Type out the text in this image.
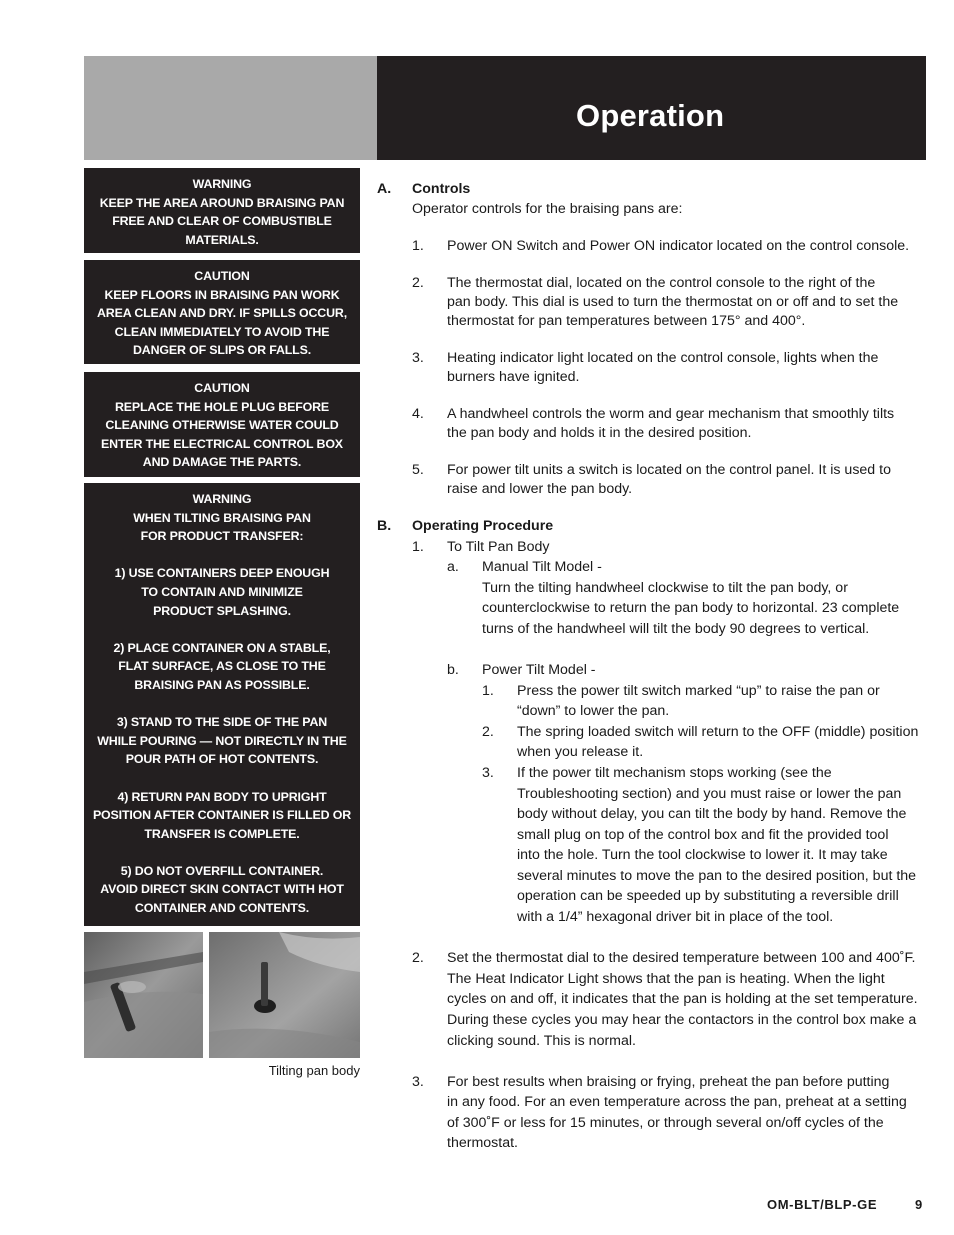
Operation
WARNING
KEEP THE AREA AROUND BRAISING PAN
FREE AND CLEAR OF COMBUSTIBLE
MATERIALS.
CAUTION
KEEP FLOORS IN BRAISING PAN WORK
AREA CLEAN AND DRY. IF SPILLS OCCUR,
CLEAN IMMEDIATELY TO AVOID THE
DANGER OF SLIPS OR FALLS.
CAUTION
REPLACE THE HOLE PLUG BEFORE
CLEANING OTHERWISE WATER COULD
ENTER THE ELECTRICAL CONTROL BOX
AND DAMAGE THE PARTS.
WARNING
WHEN TILTING BRAISING PAN
FOR PRODUCT TRANSFER:

1) USE CONTAINERS DEEP ENOUGH
TO CONTAIN AND MINIMIZE
PRODUCT SPLASHING.

2) PLACE CONTAINER ON A STABLE,
FLAT SURFACE, AS CLOSE TO THE
BRAISING PAN AS POSSIBLE.

3) STAND TO THE SIDE OF THE PAN
WHILE POURING — NOT DIRECTLY IN THE
POUR PATH OF HOT CONTENTS.

4) RETURN PAN BODY TO UPRIGHT
POSITION AFTER CONTAINER IS FILLED OR
TRANSFER IS COMPLETE.

5) DO NOT OVERFILL CONTAINER.
AVOID DIRECT SKIN CONTACT WITH HOT
CONTAINER AND CONTENTS.
Tilting pan body
A. Controls
Operator controls for the braising pans are:
1. Power ON Switch and Power ON indicator located on the control console.
2. The thermostat dial, located on the control console to the right of the
pan body. This dial is used to turn the thermostat on or off and to set the
thermostat for pan temperatures between 175° and 400°.
3. Heating indicator light located on the control console, lights when the
burners have ignited.
4. A handwheel controls the worm and gear mechanism that smoothly tilts
the pan body and holds it in the desired position.
5. For power tilt units a switch is located on the control panel. It is used to
raise and lower the pan body.
B. Operating Procedure
1. To Tilt Pan Body
a. Manual Tilt Model -
Turn the tilting handwheel clockwise to tilt the pan body, or
counterclockwise to return the pan body to horizontal. 23 complete
turns of the handwheel will tilt the body 90 degrees to vertical.
b. Power Tilt Model -
1. Press the power tilt switch marked “up” to raise the pan or
“down” to lower the pan.
2. The spring loaded switch will return to the OFF (middle) position
when you release it.
3. If the power tilt mechanism stops working (see the
Troubleshooting section) and you must raise or lower the pan
body without delay, you can tilt the body by hand. Remove the
small plug on top of the control box and fit the provided tool
into the hole. Turn the tool clockwise to lower it. It may take
several minutes to move the pan to the desired position, but the
operation can be speeded up by substituting a reversible drill
with a 1/4” hexagonal driver bit in place of the tool.
2. Set the thermostat dial to the desired temperature between 100 and 400˚F.
The Heat Indicator Light shows that the pan is heating. When the light
cycles on and off, it indicates that the pan is holding at the set temperature.
During these cycles you may hear the contactors in the control box make a
clicking sound. This is normal.
3. For best results when braising or frying, preheat the pan before putting
in any food. For an even temperature across the pan, preheat at a setting
of 300˚F or less for 15 minutes, or through several on/off cycles of the
thermostat.
OM-BLT/BLP-GE	9
